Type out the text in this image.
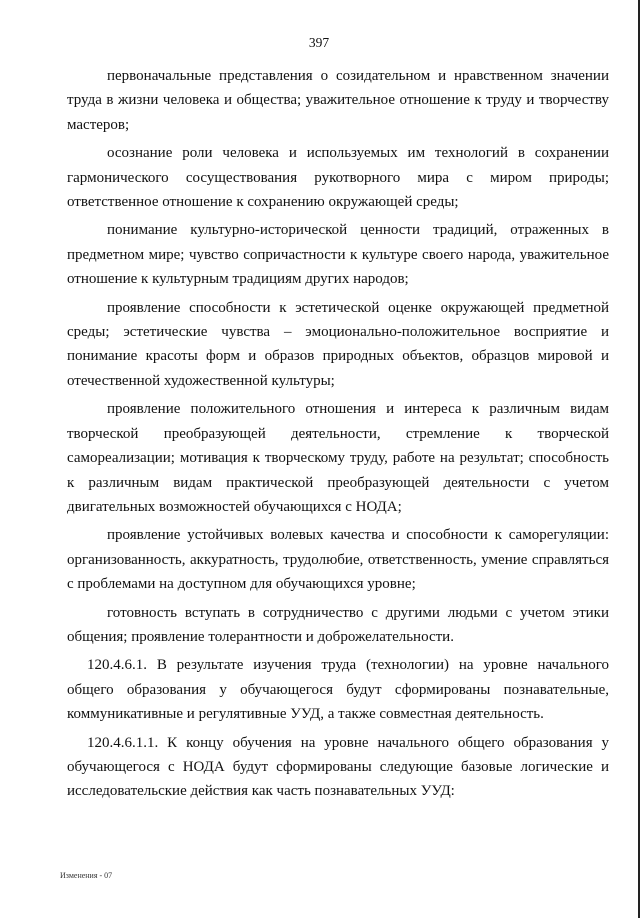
397

первоначальные представления о созидательном и нравственном значении труда в жизни человека и общества; уважительное отношение к труду и творчеству мастеров;

осознание роли человека и используемых им технологий в сохранении гармонического сосуществования рукотворного мира с миром природы; ответственное отношение к сохранению окружающей среды;

понимание культурно-исторической ценности традиций, отраженных в предметном мире; чувство сопричастности к культуре своего народа, уважительное отношение к культурным традициям других народов;

проявление способности к эстетической оценке окружающей предметной среды; эстетические чувства – эмоционально-положительное восприятие и понимание красоты форм и образов природных объектов, образцов мировой и отечественной художественной культуры;

проявление положительного отношения и интереса к различным видам творческой преобразующей деятельности, стремление к творческой самореализации; мотивация к творческому труду, работе на результат; способность к различным видам практической преобразующей деятельности с учетом двигательных возможностей обучающихся с НОДА;

проявление устойчивых волевых качества и способности к саморегуляции: организованность, аккуратность, трудолюбие, ответственность, умение справляться с проблемами на доступном для обучающихся уровне;

готовность вступать в сотрудничество с другими людьми с учетом этики общения; проявление толерантности и доброжелательности.

120.4.6.1. В результате изучения труда (технологии) на уровне начального общего образования у обучающегося будут сформированы познавательные, коммуникативные и регулятивные УУД, а также совместная деятельность.

120.4.6.1.1. К концу обучения на уровне начального общего образования у обучающегося с НОДА будут сформированы следующие базовые логические и исследовательские действия как часть познавательных УУД:

Изменения - 07
